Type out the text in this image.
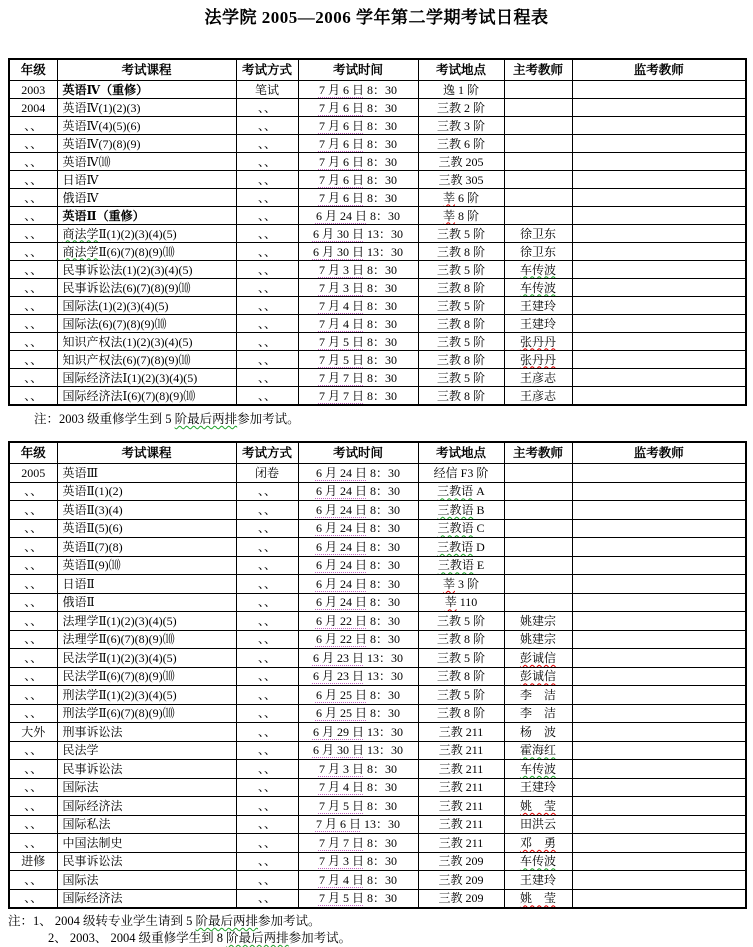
法学院 2005—2006 学年第二学期考试日程表
年级	考试课程	考试方式	考试时间	考试地点	主考教师	监考教师
2003	英语Ⅳ（重修）	笔试	7 月 6 日 8：30	逸 1 阶		
2004	英语Ⅳ(1)(2)(3)	、、	7 月 6 日 8：30	三教 2 阶		
、、	英语Ⅳ(4)(5)(6)	、、	7 月 6 日 8：30	三教 3 阶		
、、	英语Ⅳ(7)(8)(9)	、、	7 月 6 日 8：30	三教 6 阶		
、、	英语Ⅳ⑽	、、	7 月 6 日 8：30	三教 205		
、、	日语Ⅳ	、、	7 月 6 日 8：30	三教 305		
、、	俄语Ⅳ	、、	7 月 6 日 8：30	莘 6 阶		
、、	英语Ⅱ（重修）	、、	6 月 24 日 8：30	莘 8 阶		
、、	商法学Ⅱ(1)(2)(3)(4)(5)	、、	6 月 30 日 13：30	三教 5 阶	徐卫东	
、、	商法学Ⅱ(6)(7)(8)(9)⑽	、、	6 月 30 日 13：30	三教 8 阶	徐卫东	
、、	民事诉讼法(1)(2)(3)(4)(5)	、、	7 月 3 日 8：30	三教 5 阶	车传波	
、、	民事诉讼法(6)(7)(8)(9)⑽	、、	7 月 3 日 8：30	三教 8 阶	车传波	
、、	国际法(1)(2)(3)(4)(5)	、、	7 月 4 日 8：30	三教 5 阶	王建玲	
、、	国际法(6)(7)(8)(9)⑽	、、	7 月 4 日 8：30	三教 8 阶	王建玲	
、、	知识产权法(1)(2)(3)(4)(5)	、、	7 月 5 日 8：30	三教 5 阶	张丹丹	
、、	知识产权法(6)(7)(8)(9)⑽	、、	7 月 5 日 8：30	三教 8 阶	张丹丹	
、、	国际经济法Ⅰ(1)(2)(3)(4)(5)	、、	7 月 7 日 8：30	三教 5 阶	王彦志	
、、	国际经济法Ⅰ(6)(7)(8)(9)⑽	、、	7 月 7 日 8：30	三教 8 阶	王彦志	

注：2003 级重修学生到 5 阶最后两排参加考试。

年级	考试课程	考试方式	考试时间	考试地点	主考教师	监考教师
2005	英语Ⅲ	闭卷	6 月 24 日 8：30	经信 F3 阶		
、、	英语Ⅱ(1)(2)	、、	6 月 24 日 8：30	三教语 A		
、、	英语Ⅱ(3)(4)	、、	6 月 24 日 8：30	三教语 B		
、、	英语Ⅱ(5)(6)	、、	6 月 24 日 8：30	三教语 C		
、、	英语Ⅱ(7)(8)	、、	6 月 24 日 8：30	三教语 D		
、、	英语Ⅱ(9)⑽	、、	6 月 24 日 8：30	三教语 E		
、、	日语Ⅱ	、、	6 月 24 日 8：30	莘 3 阶		
、、	俄语Ⅱ	、、	6 月 24 日 8：30	莘 110		
、、	法理学Ⅱ(1)(2)(3)(4)(5)	、、	6 月 22 日 8：30	三教 5 阶	姚建宗	
、、	法理学Ⅱ(6)(7)(8)(9)⑽	、、	6 月 22 日 8：30	三教 8 阶	姚建宗	
、、	民法学Ⅱ(1)(2)(3)(4)(5)	、、	6 月 23 日 13：30	三教 5 阶	彭诚信	
、、	民法学Ⅱ(6)(7)(8)(9)⑽	、、	6 月 23 日 13：30	三教 8 阶	彭诚信	
、、	刑法学Ⅱ(1)(2)(3)(4)(5)	、、	6 月 25 日 8：30	三教 5 阶	李　洁	
、、	刑法学Ⅱ(6)(7)(8)(9)⑽	、、	6 月 25 日 8：30	三教 8 阶	李　洁	
大外	刑事诉讼法	、、	6 月 29 日 13：30	三教 211	杨　波	
、、	民法学	、、	6 月 30 日 13：30	三教 211	霍海红	
、、	民事诉讼法	、、	7 月 3 日 8：30	三教 211	车传波	
、、	国际法	、、	7 月 4 日 8：30	三教 211	王建玲	
、、	国际经济法	、、	7 月 5 日 8：30	三教 211	姚　莹	
、、	国际私法	、、	7 月 6 日 13：30	三教 211	田洪云	
、、	中国法制史	、、	7 月 7 日 8：30	三教 211	邓　勇	
进修	民事诉讼法	、、	7 月 3 日 8：30	三教 209	车传波	
、、	国际法	、、	7 月 4 日 8：30	三教 209	王建玲	
、、	国际经济法	、、	7 月 5 日 8：30	三教 209	姚　莹	

注：1、 2004 级转专业学生请到 5 阶最后两排参加考试。

2、 2003、 2004 级重修学生到 8 阶最后两排参加考试。
